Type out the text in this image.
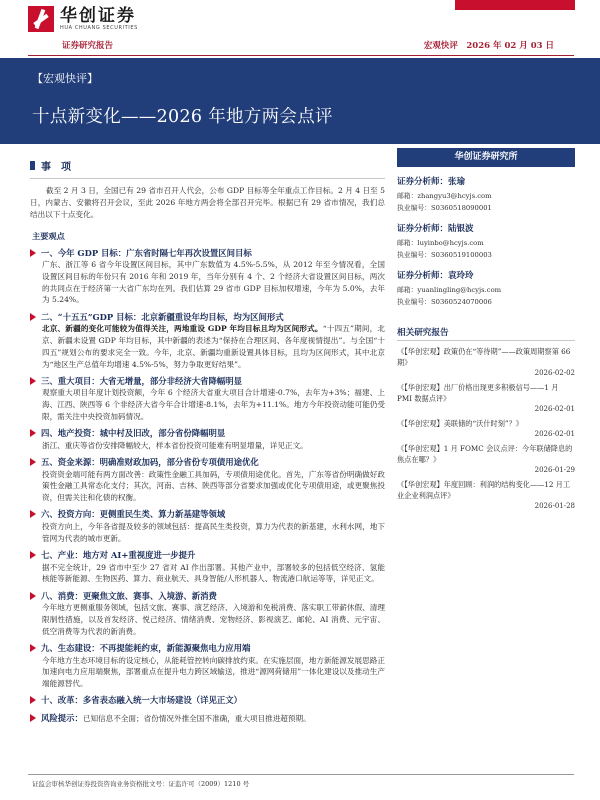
华创证券
HUA CHUANG SECURITIES
证券研究报告	宏观快评　2026 年 02 月 03 日
【宏观快评】
十点新变化——2026 年地方两会点评
事　项
截至 2 月 3 日，全国已有 29 省市召开人代会，公布 GDP 目标等全年重点工作目标。2 月 4 日至 5 日，内蒙古、安徽将召开会议，至此 2026 年地方两会将全部召开完毕。根据已有 29 省市情况，我们总结出以下十点变化。
主要观点
一、今年 GDP 目标：广东省时隔七年再次设置区间目标
广东、浙江等 6 省今年设置区间目标，其中广东数值为 4.5%-5.5%，从 2012 年至今情况看，全国设置区间目标的年份只有 2016 年和 2019 年，当年分别有 4 个、2 个经济大省设置区间目标，两次的共同点在于经济第一大省广东均在列。我们估算 29 省市 GDP 目标加权增速，今年为 5.0%，去年为 5.24%。
二、“十五五”GDP 目标：北京新疆重设年均目标，均为区间形式
北京、新疆的变化可能较为值得关注，两地重设 GDP 年均目标且均为区间形式。“十四五”期间，北京、新疆未设置 GDP 年均目标，其中新疆的表述为“保持在合理区间、各年度视情提出”。与全国“十四五”规划公布的要求完全一致。今年，北京、新疆均重新设置具体目标，且均为区间形式，其中北京为“地区生产总值年均增速 4.5%-5%，努力争取更好结果”。
三、重大项目：大省无增量，部分非经济大省降幅明显
观察重大项目年度计划投资额，今年 6 个经济大省重大项目合计增速-0.7%，去年为+3%；福建、上海、江西、陕西等 6 个非经济大省今年合计增速-8.1%，去年为+11.1%。地方今年投资动能可能仍受限，需关注中央投资加码情况。
四、地产投资：城中村及旧改，部分省份降幅明显
浙江、重庆等省份安排降幅较大，样本省份投资可能难有明显增量，详见正文。
五、资金来源：明确准财政加码，部分省份专项债用途优化
投资资金端可能有两方面改善：政策性金融工具加码，专项债用途优化。首先，广东等省份明确做好政策性金融工具常态化支付；其次，河南、吉林、陕西等部分省要求加强或优化专项债用途，或更聚焦投资，但需关注和化债的权衡。
六、投资方向：更侧重民生类、算力新基建等领域
投资方向上，今年各省提及较多的领域包括：提高民生类投资，算力为代表的新基建，水利水网，地下管网为代表的城市更新。
七、产业：地方对 AI+重视度进一步提升
据不完全统计，29 省市中至少 27 省对 AI 作出部署。其他产业中，部署较多的包括低空经济、氢能核能等新能源、生物医药、算力、商业航天、具身智能/人形机器人、物流港口航运等等，详见正文。
八、消费：更聚焦文旅、赛事、入境游、新消费
今年地方更侧重服务领域，包括文旅、赛事、演艺经济、入境游和免税消费、落实职工带薪休假、清理限制性措施，以及首发经济、悦己经济、情绪消费、宠物经济、影视演艺、邮轮、AI 消费、元宇宙、低空消费等为代表的新消费。
九、生态建设：不再提能耗约束，新能源聚焦电力应用端
今年地方生态环境目标的设定核心，从能耗管控转向碳排放约束。在实施层面，地方新能源发展思路正加速向电力应用端聚焦，部署重点在提升电力跨区域输送，推进“源网荷储用”一体化建设以及推动生产端能源替代。
十、改革：多省表态融入统一大市场建设（详见正文）
风险提示： 已知信息不全面；省份情况外推全国不准确，重大项目推进超预期。
华创证券研究所
证券分析师：张瑜
邮箱：zhangyu3@hcyjs.com
执业编号：S0360518090001
证券分析师：陆银波
邮箱：luyinbo@hcyjs.com
执业编号：S0360519100003
证券分析师：袁玲玲
邮箱：yuanlingling@hcyjs.com
执业编号：S0360524070006
相关研究报告
《【华创宏观】政策仍在“等待期”——政策周期察第 66 期》
2026-02-02
《【华创宏观】出厂价格出现更多积极信号——1 月 PMI 数据点评》
2026-02-01
《【华创宏观】美联储的“沃什时刻”？》
2026-02-01
《【华创宏观】1 月 FOMC 会议点评：今年联储降息的焦点在哪？》
2026-01-29
《【华创宏观】年度回顾：利润的结构变化——12 月工业企业利润点评》
2026-01-28
证监会审核华创证券投资咨询业务资格批文号：证监许可（2009）1210 号
